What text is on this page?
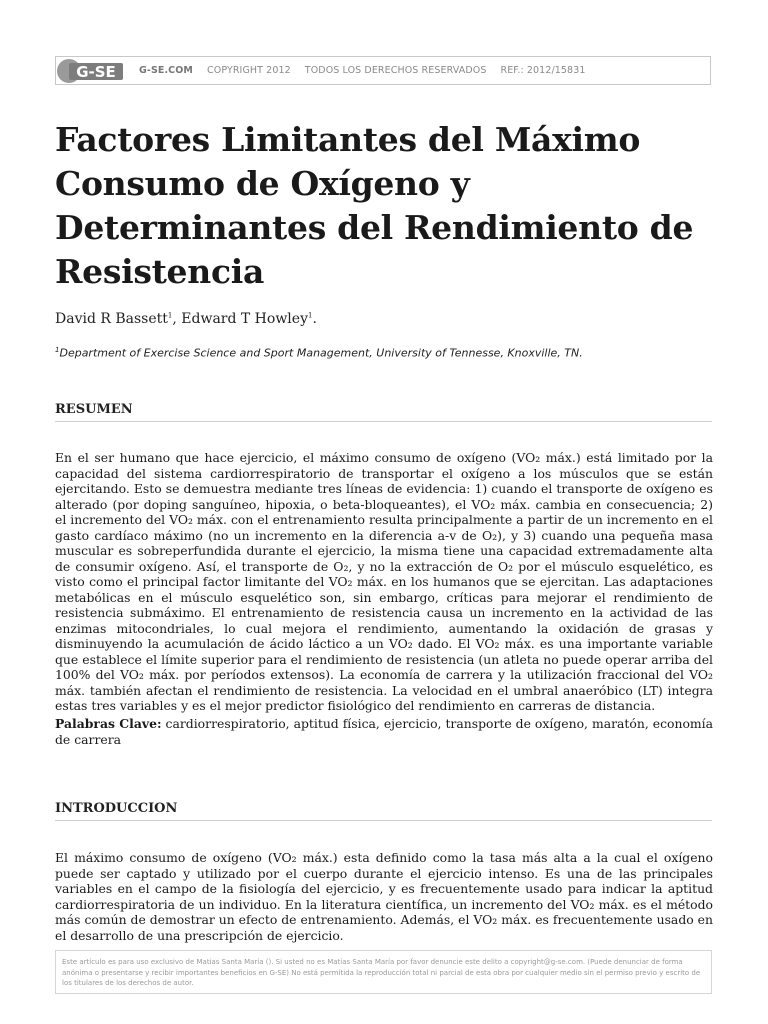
G-SE G-SE.COM COPYRIGHT 2012 TODOS LOS DERECHOS RESERVADOS REF.: 2012/15831
Factores Limitantes del Máximo Consumo de Oxígeno y Determinantes del Rendimiento de Resistencia
David R Bassett$^1$, Edward T Howley$^1$.
$^1$Department of Exercise Science and Sport Management, University of Tennesse, Knoxville, TN.
RESUMEN

En el ser humano que hace ejercicio, el máximo consumo de oxígeno (VO₂ máx.) está limitado por la capacidad del sistema cardiorrespiratorio de transportar el oxígeno a los músculos que se están ejercitando. Esto se demuestra mediante tres líneas de evidencia: 1) cuando el transporte de oxígeno es alterado (por doping sanguíneo, hipoxia, o beta-bloqueantes), el VO₂ máx. cambia en consecuencia; 2) el incremento del VO₂ máx. con el entrenamiento resulta principalmente a partir de un incremento en el gasto cardíaco máximo (no un incremento en la diferencia a-v de O₂), y 3) cuando una pequeña masa muscular es sobreperfundida durante el ejercicio, la misma tiene una capacidad extremadamente alta de consumir oxígeno. Así, el transporte de O₂, y no la extracción de O₂ por el músculo esquelético, es visto como el principal factor limitante del VO₂ máx. en los humanos que se ejercitan. Las adaptaciones metabólicas en el músculo esquelético son, sin embargo, críticas para mejorar el rendimiento de resistencia submáximo. El entrenamiento de resistencia causa un incremento en la actividad de las enzimas mitocondriales, lo cual mejora el rendimiento, aumentando la oxidación de grasas y disminuyendo la acumulación de ácido láctico a un VO₂ dado. El VO₂ máx. es una importante variable que establece el límite superior para el rendimiento de resistencia (un atleta no puede operar arriba del 100% del VO₂ máx. por períodos extensos). La economía de carrera y la utilización fraccional del VO₂ máx. también afectan el rendimiento de resistencia. La velocidad en el umbral anaeróbico (LT) integra estas tres variables y es el mejor predictor fisiológico del rendimiento en carreras de distancia.

Palabras Clave: cardiorrespiratorio, aptitud física, ejercicio, transporte de oxígeno, maratón, economía de carrera

INTRODUCCION

El máximo consumo de oxígeno (VO₂ máx.) esta definido como la tasa más alta a la cual el oxígeno puede ser captado y utilizado por el cuerpo durante el ejercicio intenso. Es una de las principales variables en el campo de la fisiología del ejercicio, y es frecuentemente usado para indicar la aptitud cardiorrespiratoria de un individuo. En la literatura científica, un incremento del VO₂ máx. es el método más común de demostrar un efecto de entrenamiento. Además, el VO₂ máx. es frecuentemente usado en el desarrollo de una prescripción de ejercicio.

Este artículo es para uso exclusivo de Matías Santa María (). Si usted no es Matías Santa María por favor denuncie este delito a copyright@g-se.com. (Puede denunciar de forma anónima o presentarse y recibir importantes beneficios en G-SE) No está permitida la reproducción total ni parcial de esta obra por cualquier medio sin el permiso previo y escrito de los titulares de los derechos de autor.
